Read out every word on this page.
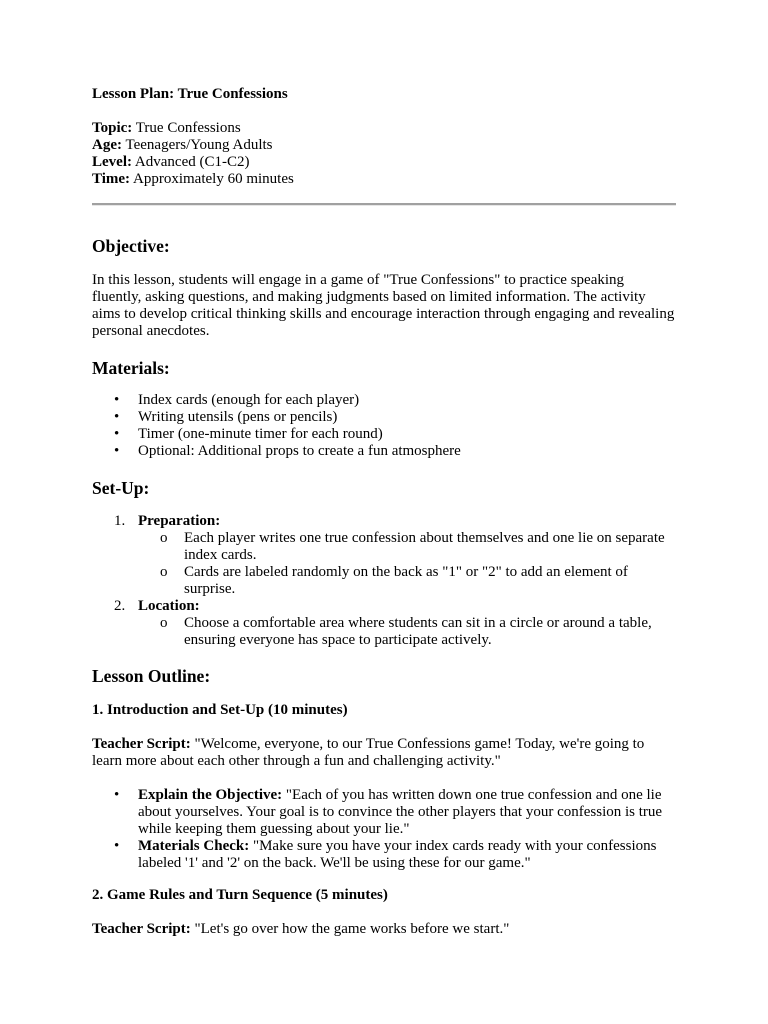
Lesson Plan: True Confessions
Topic: True Confessions
Age: Teenagers/Young Adults
Level: Advanced (C1-C2)
Time: Approximately 60 minutes
Objective:
In this lesson, students will engage in a game of "True Confessions" to practice speaking fluently, asking questions, and making judgments based on limited information. The activity aims to develop critical thinking skills and encourage interaction through engaging and revealing personal anecdotes.
Materials:
• Index cards (enough for each player)
• Writing utensils (pens or pencils)
• Timer (one-minute timer for each round)
• Optional: Additional props to create a fun atmosphere
Set-Up:
1. Preparation:
o Each player writes one true confession about themselves and one lie on separate index cards.
o Cards are labeled randomly on the back as "1" or "2" to add an element of surprise.
2. Location:
o Choose a comfortable area where students can sit in a circle or around a table, ensuring everyone has space to participate actively.
Lesson Outline:
1. Introduction and Set-Up (10 minutes)
Teacher Script: "Welcome, everyone, to our True Confessions game! Today, we're going to learn more about each other through a fun and challenging activity."
• Explain the Objective: "Each of you has written down one true confession and one lie about yourselves. Your goal is to convince the other players that your confession is true while keeping them guessing about your lie."
• Materials Check: "Make sure you have your index cards ready with your confessions labeled '1' and '2' on the back. We'll be using these for our game."
2. Game Rules and Turn Sequence (5 minutes)
Teacher Script: "Let's go over how the game works before we start."
